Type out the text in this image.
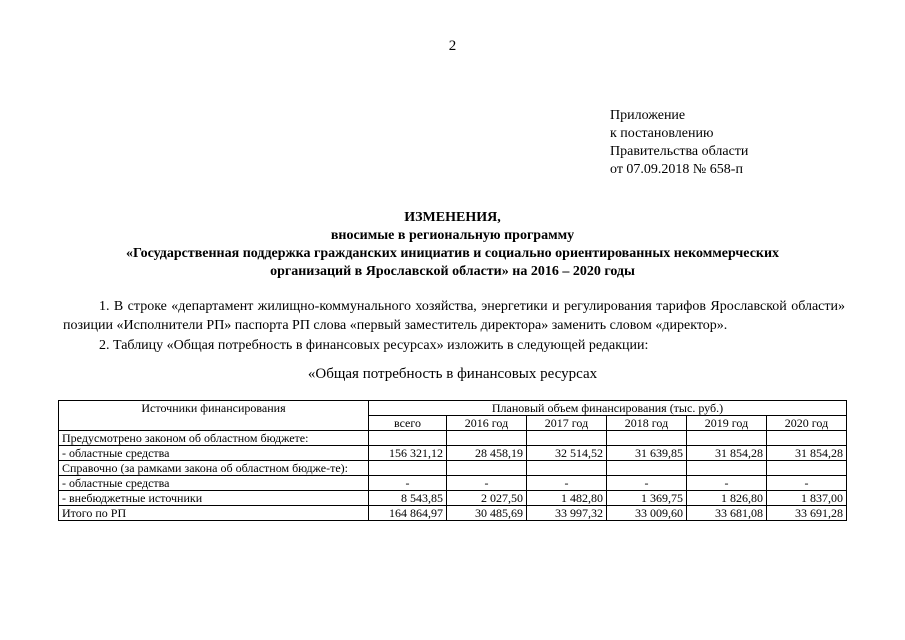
2
Приложение
к постановлению
Правительства области
от 07.09.2018 № 658-п
ИЗМЕНЕНИЯ,
вносимые в региональную программу
«Государственная поддержка гражданских инициатив и социально ориентированных некоммерческих
организаций в Ярославской области» на 2016 – 2020 годы
1. В строке «департамент жилищно-коммунального хозяйства, энергетики и регулирования тарифов Ярославской области» позиции «Исполнители РП» паспорта РП слова «первый заместитель директора» заменить словом «директор».
2. Таблицу «Общая потребность в финансовых ресурсах» изложить в следующей редакции:
«Общая потребность в финансовых ресурсах
Источники финансирования	Плановый объем финансирования (тыс. руб.)					
	всего	2016 год	2017 год	2018 год	2019 год	2020 год
Предусмотрено законом об областном бюджете:						
- областные средства	156 321,12	28 458,19	32 514,52	31 639,85	31 854,28	31 854,28
Справочно (за рамками закона об областном бюдже-те):						
- областные средства	-	-	-	-	-	-
- внебюджетные источники	8 543,85	2 027,50	1 482,80	1 369,75	1 826,80	1 837,00
Итого по РП	164 864,97	30 485,69	33 997,32	33 009,60	33 681,08	33 691,28
